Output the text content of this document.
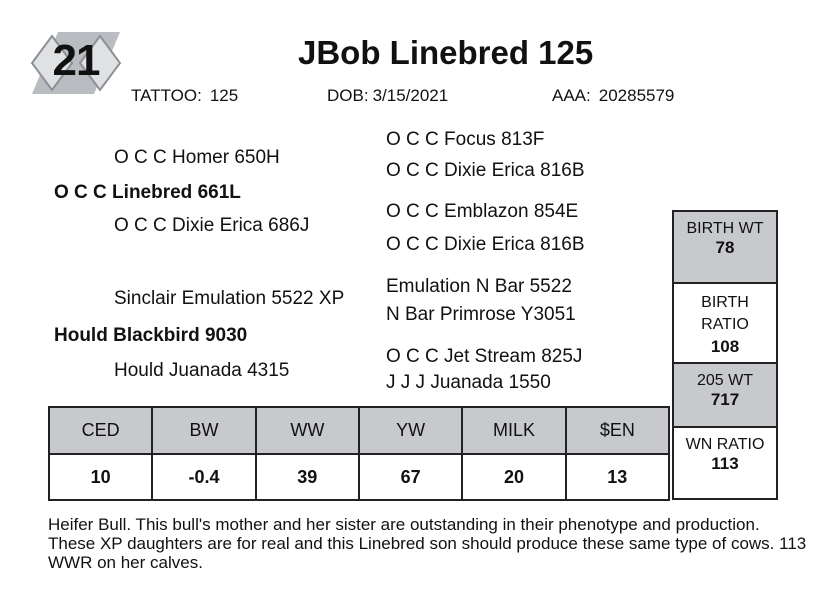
21	JBob Linebred 125
TATTOO: 125	DOB: 3/15/2021	AAA: 20285579
O C C Homer 650H
O C C Linebred 661L
O C C Dixie Erica 686J
O C C Focus 813F
O C C Dixie Erica 816B
O C C Emblazon 854E
O C C Dixie Erica 816B
Sinclair Emulation 5522 XP
Hould Blackbird 9030
Hould Juanada 4315
Emulation N Bar 5522
N Bar Primrose Y3051
O C C Jet Stream 825J
J J J Juanada 1550
BIRTH WT
78
BIRTH
RATIO
108
205 WT
717
WN RATIO
113
CED	BW	WW	YW	MILK	$EN
10	-0.4	39	67	20	13
Heifer Bull. This bull's mother and her sister are outstanding in their phenotype and production. These XP daughters are for real and this Linebred son should produce these same type of cows. 113 WWR on her calves.
